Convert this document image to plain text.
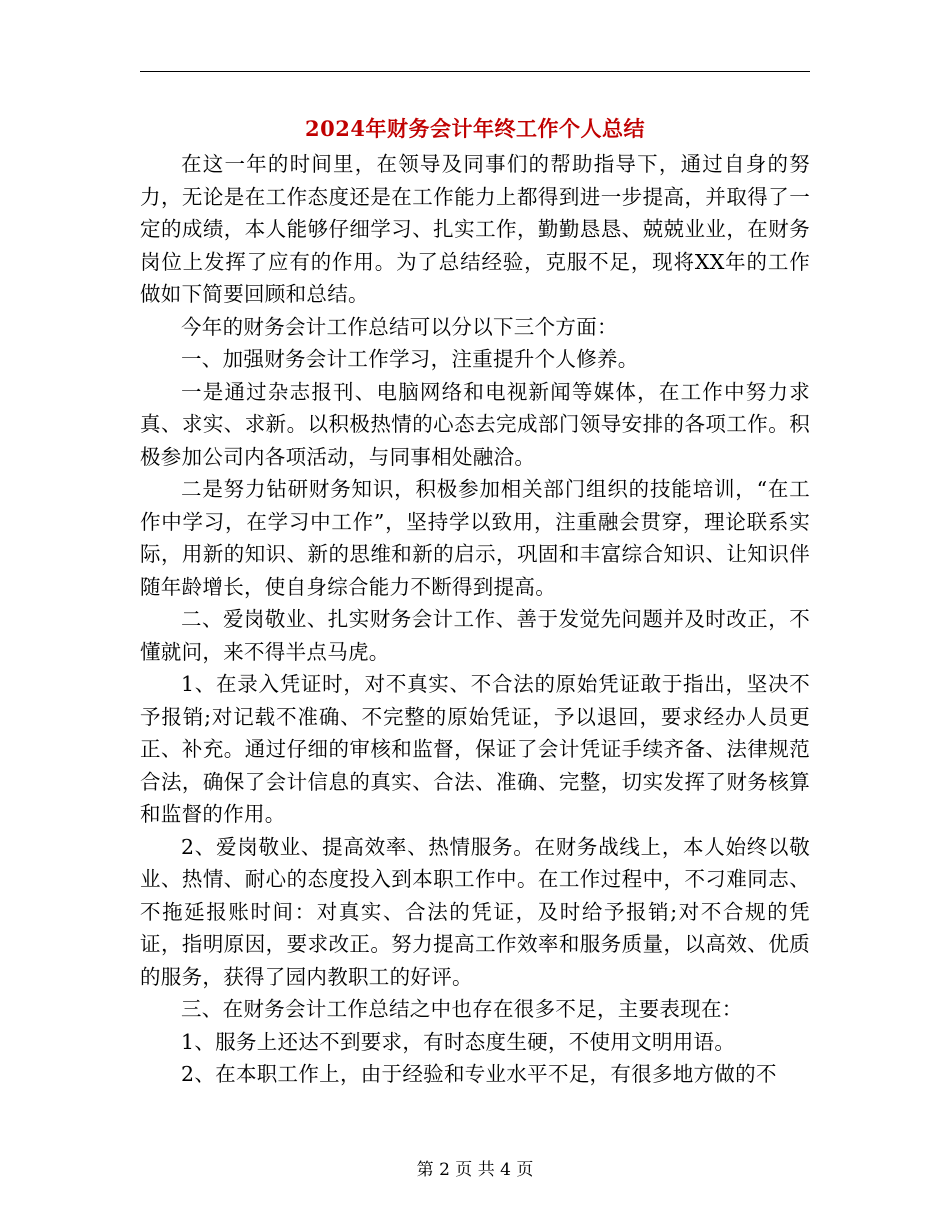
2024年财务会计年终工作个人总结

在这一年的时间里，在领导及同事们的帮助指导下，通过自身的努力，无论是在工作态度还是在工作能力上都得到进一步提高，并取得了一定的成绩，本人能够仔细学习、扎实工作，勤勤恳恳、兢兢业业，在财务岗位上发挥了应有的作用。为了总结经验，克服不足，现将XX年的工作做如下简要回顾和总结。

今年的财务会计工作总结可以分以下三个方面：

一、加强财务会计工作学习，注重提升个人修养。

一是通过杂志报刊、电脑网络和电视新闻等媒体，在工作中努力求真、求实、求新。以积极热情的心态去完成部门领导安排的各项工作。积极参加公司内各项活动，与同事相处融洽。

二是努力钻研财务知识，积极参加相关部门组织的技能培训，“在工作中学习，在学习中工作”，坚持学以致用，注重融会贯穿，理论联系实际，用新的知识、新的思维和新的启示，巩固和丰富综合知识、让知识伴随年龄增长，使自身综合能力不断得到提高。

二、爱岗敬业、扎实财务会计工作、善于发觉先问题并及时改正，不懂就问，来不得半点马虎。

1、在录入凭证时，对不真实、不合法的原始凭证敢于指出，坚决不予报销;对记载不准确、不完整的原始凭证，予以退回，要求经办人员更正、补充。通过仔细的审核和监督，保证了会计凭证手续齐备、法律规范合法，确保了会计信息的真实、合法、准确、完整，切实发挥了财务核算和监督的作用。

2、爱岗敬业、提高效率、热情服务。在财务战线上，本人始终以敬业、热情、耐心的态度投入到本职工作中。在工作过程中，不刁难同志、不拖延报账时间：对真实、合法的凭证，及时给予报销;对不合规的凭证，指明原因，要求改正。努力提高工作效率和服务质量，以高效、优质的服务，获得了园内教职工的好评。

三、在财务会计工作总结之中也存在很多不足，主要表现在：

1、服务上还达不到要求，有时态度生硬，不使用文明用语。

2、在本职工作上，由于经验和专业水平不足，有很多地方做的不

第 2 页 共 4 页
